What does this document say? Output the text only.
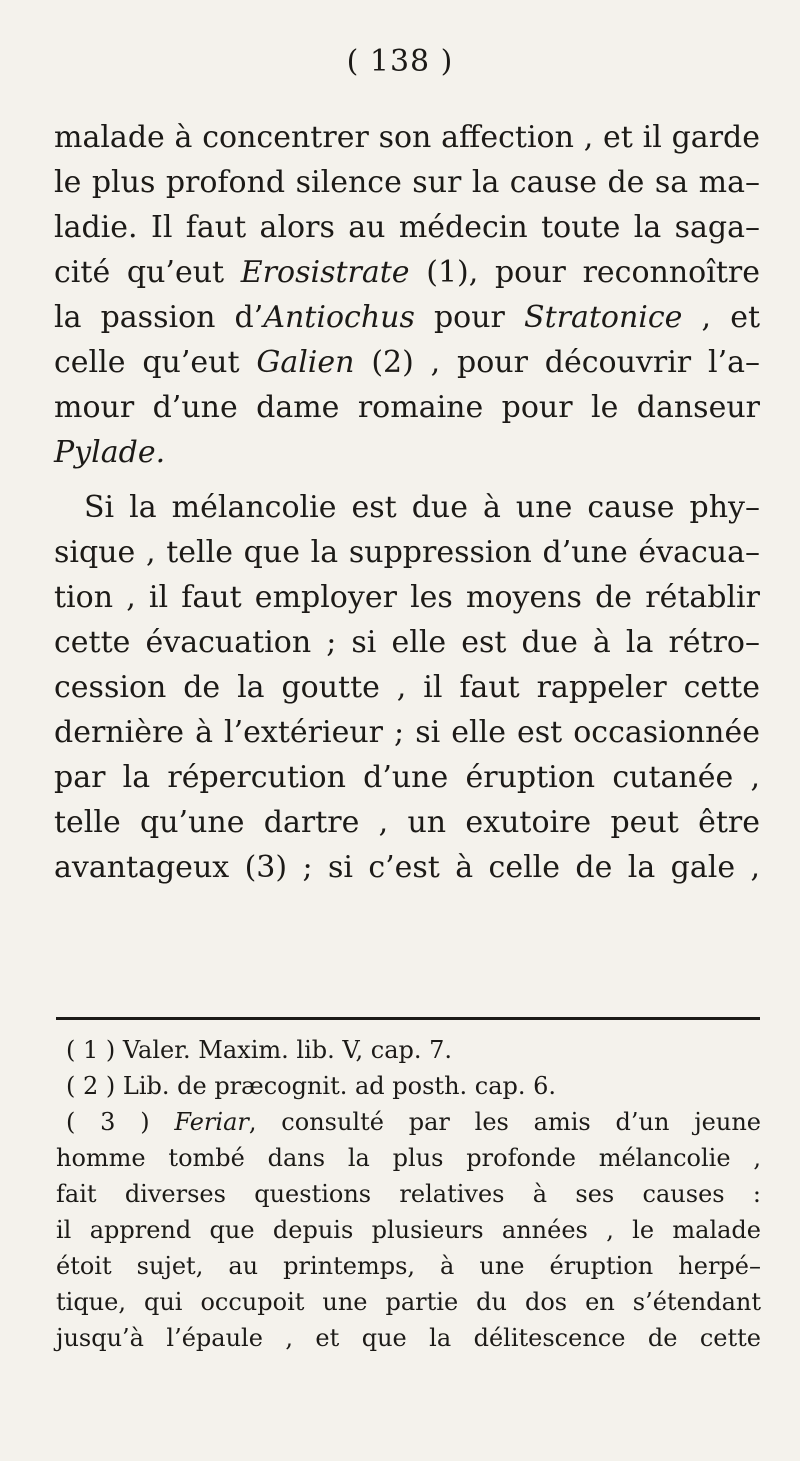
( 138 )
malade à concentrer son affection , et il garde
le plus profond silence sur la cause de sa ma–
ladie. Il faut alors au médecin toute la saga–
cité qu’eut Erosistrate (1), pour reconnoître
la passion d’Antiochus pour Stratonice , et
celle qu’eut Galien (2) , pour découvrir l’a–
mour d’une dame romaine pour le danseur
Pylade.
Si la mélancolie est due à une cause phy–
sique , telle que la suppression d’une évacua–
tion , il faut employer les moyens de rétablir
cette évacuation ; si elle est due à la rétro–
cession de la goutte , il faut rappeler cette
dernière à l’extérieur ; si elle est occasionnée
par la répercution d’une éruption cutanée ,
telle qu’une dartre , un exutoire peut être
avantageux (3) ; si c’est à celle de la gale ,
( 1 ) Valer. Maxim. lib. V, cap. 7.
( 2 ) Lib. de præcognit. ad posth. cap. 6.
( 3 ) Feriar, consulté par les amis d’un jeune
homme tombé dans la plus profonde mélancolie ,
fait diverses questions relatives à ses causes :
il apprend que depuis plusieurs années , le malade
étoit sujet, au printemps, à une éruption herpé–
tique, qui occupoit une partie du dos en s’étendant
jusqu’à l’épaule , et que la délitescence de cette
